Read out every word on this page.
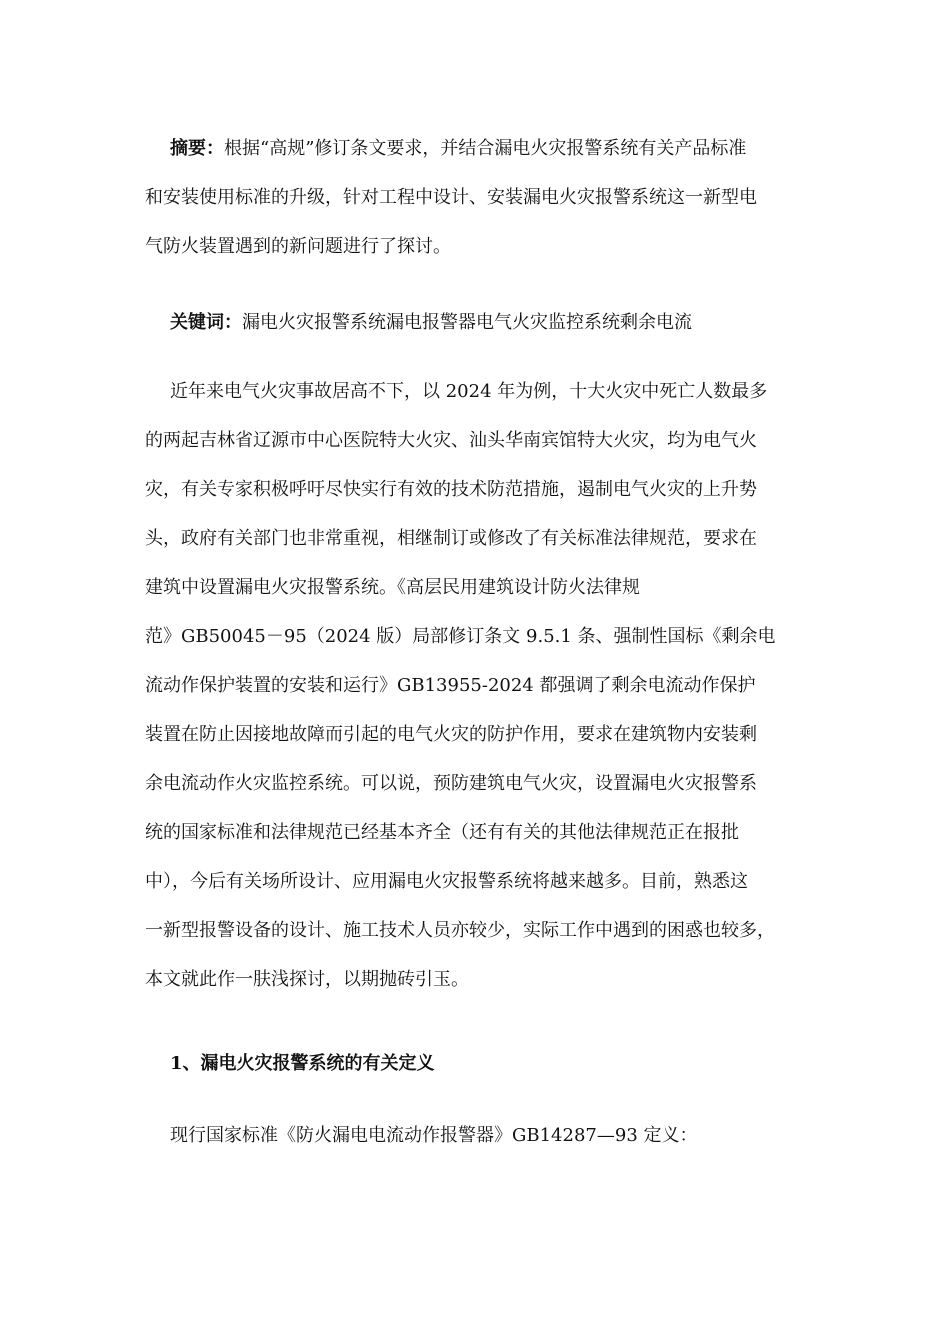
摘要：根据“高规”修订条文要求，并结合漏电火灾报警系统有关产品标准
和安装使用标准的升级，针对工程中设计、安装漏电火灾报警系统这一新型电
气防火装置遇到的新问题进行了探讨。
关键词：漏电火灾报警系统漏电报警器电气火灾监控系统剩余电流
近年来电气火灾事故居高不下，以 2024 年为例，十大火灾中死亡人数最多
的两起吉林省辽源市中心医院特大火灾、汕头华南宾馆特大火灾，均为电气火
灾，有关专家积极呼吁尽快实行有效的技术防范措施，遏制电气火灾的上升势
头，政府有关部门也非常重视，相继制订或修改了有关标准法律规范，要求在
建筑中设置漏电火灾报警系统。《高层民用建筑设计防火法律规
范》GB50045－95（2024 版）局部修订条文 9.5.1 条、强制性国标《剩余电
流动作保护装置的安装和运行》GB13955-2024 都强调了剩余电流动作保护
装置在防止因接地故障而引起的电气火灾的防护作用，要求在建筑物内安装剩
余电流动作火灾监控系统。可以说，预防建筑电气火灾，设置漏电火灾报警系
统的国家标准和法律规范已经基本齐全（还有有关的其他法律规范正在报批
中），今后有关场所设计、应用漏电火灾报警系统将越来越多。目前，熟悉这
一新型报警设备的设计、施工技术人员亦较少，实际工作中遇到的困惑也较多，
本文就此作一肤浅探讨，以期抛砖引玉。
1、漏电火灾报警系统的有关定义
现行国家标准《防火漏电电流动作报警器》GB14287—93 定义：
